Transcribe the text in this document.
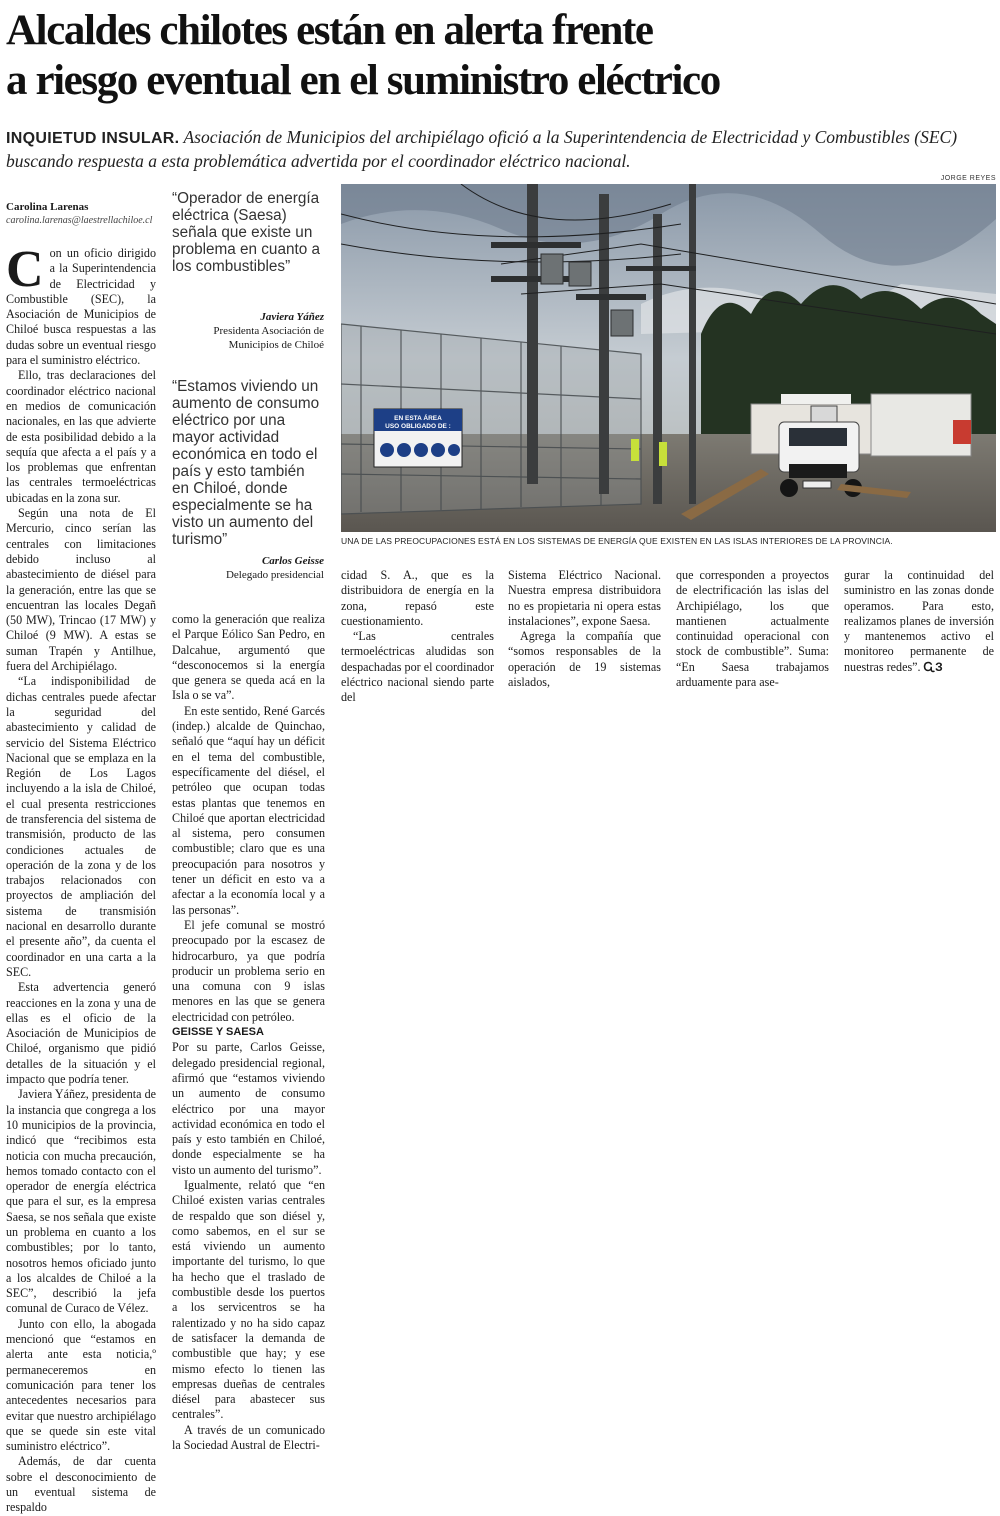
Alcaldes chilotes están en alerta frente
a riesgo eventual en el suministro eléctrico
INQUIETUD INSULAR. Asociación de Municipios del archipiélago ofició a la Superintendencia de Electricidad y Combustibles (SEC) buscando respuesta a esta problemática advertida por el coordinador eléctrico nacional.
JORGE REYES
Carolina Larenas
carolina.larenas@laestrellachiloe.cl

Con un oficio dirigido a la Superintendencia de Electricidad y Combustible (SEC), la Asociación de Municipios de Chiloé busca respuestas a las dudas sobre un eventual riesgo para el suministro eléctrico.

Ello, tras declaraciones del coordinador eléctrico nacional en medios de comunicación nacionales, en las que advierte de esta posibilidad debido a la sequía que afecta a el país y a los problemas que enfrentan las centrales termoeléctricas ubicadas en la zona sur.

Según una nota de El Mercurio, cinco serían las centrales con limitaciones debido incluso al abastecimiento de diésel para la generación, entre las que se encuentran las locales Degañ (50 MW), Trincao (17 MW) y Chiloé (9 MW). A estas se suman Trapén y Antilhue, fuera del Archipiélago.

“La indisponibilidad de dichas centrales puede afectar la seguridad del abastecimiento y calidad de servicio del Sistema Eléctrico Nacional que se emplaza en la Región de Los Lagos incluyendo a la isla de Chiloé, el cual presenta restricciones de transferencia del sistema de transmisión, producto de las condiciones actuales de operación de la zona y de los trabajos relacionados con proyectos de ampliación del sistema de transmisión nacional en desarrollo durante el presente año”, da cuenta el coordinador en una carta a la SEC.

Esta advertencia generó reacciones en la zona y una de ellas es el oficio de la Asociación de Municipios de Chiloé, organismo que pidió detalles de la situación y el impacto que podría tener.

Javiera Yáñez, presidenta de la instancia que congrega a los 10 municipios de la provincia, indicó que “recibimos esta noticia con mucha precaución, hemos tomado contacto con el operador de energía eléctrica que para el sur, es la empresa Saesa, se nos señala que existe un problema en cuanto a los combustibles; por lo tanto, nosotros hemos oficiado junto a los alcaldes de Chiloé a la SEC”, describió la jefa comunal de Curaco de Vélez.

Junto con ello, la abogada mencionó que “estamos en alerta ante esta noticia,º permaneceremos en comunicación para tener los antecedentes necesarios para evitar que nuestro archipiélago que se quede sin este vital suministro eléctrico”.

Además, de dar cuenta sobre el desconocimiento de un eventual sistema de respaldo

“Operador de energía eléctrica (Saesa) señala que existe un problema en cuanto a los combustibles”
Javiera Yáñez
Presidenta Asociación de Municipios de Chiloé
“Estamos viviendo un aumento de consumo eléctrico por una mayor actividad económica en todo el país y esto también en Chiloé, donde especialmente se ha visto un aumento del turismo”
Carlos Geisse
Delegado presidencial

como la generación que realiza el Parque Eólico San Pedro, en Dalcahue, argumentó que “desconocemos si la energía que genera se queda acá en la Isla o se va”.

En este sentido, René Garcés (indep.) alcalde de Quinchao, señaló que “aquí hay un déficit en el tema del combustible, específicamente del diésel, el petróleo que ocupan todas estas plantas que tenemos en Chiloé que aportan electricidad al sistema, pero consumen combustible; claro que es una preocupación para nosotros y tener un déficit en esto va a afectar a la economía local y a las personas”.

El jefe comunal se mostró preocupado por la escasez de hidrocarburo, ya que podría producir un problema serio en una comuna con 9 islas menores en las que se genera electricidad con petróleo.

GEISSE Y SAESA

Por su parte, Carlos Geisse, delegado presidencial regional, afirmó que “estamos viviendo un aumento de consumo eléctrico por una mayor actividad económica en todo el país y esto también en Chiloé, donde especialmente se ha visto un aumento del turismo”.

Igualmente, relató que “en Chiloé existen varias centrales de respaldo que son diésel y, como sabemos, en el sur se está viviendo un aumento importante del turismo, lo que ha hecho que el traslado de combustible desde los puertos a los servicentros se ha ralentizado y no ha sido capaz de satisfacer la demanda de combustible que hay; y ese mismo efecto lo tienen las empresas dueñas de centrales diésel para abastecer sus centrales”.

A través de un comunicado la Sociedad Austral de Electri-

EN ESTA ÁREA
USO OBLIGADO DE :
UNA DE LAS PREOCUPACIONES ESTÁ EN LOS SISTEMAS DE ENERGÍA QUE EXISTEN EN LAS ISLAS INTERIORES DE LA PROVINCIA.

cidad S. A., que es la distribuidora de energía en la zona, repasó este cuestionamiento.

“Las centrales termoeléctricas aludidas son despachadas por el coordinador eléctrico nacional siendo parte del

Sistema Eléctrico Nacional. Nuestra empresa distribuidora no es propietaria ni opera estas instalaciones”, expone Saesa.

Agrega la compañía que “somos responsables de la operación de 19 sistemas aislados,

que corresponden a proyectos de electrificación las islas del Archipiélago, los que mantienen actualmente continuidad operacional con stock de combustible”. Suma: “En Saesa trabajamos arduamente para ase-

gurar la continuidad del suministro en las zonas donde operamos. Para esto, realizamos planes de inversión y mantenemos activo el monitoreo permanente de nuestras redes”. ᏩЗ
